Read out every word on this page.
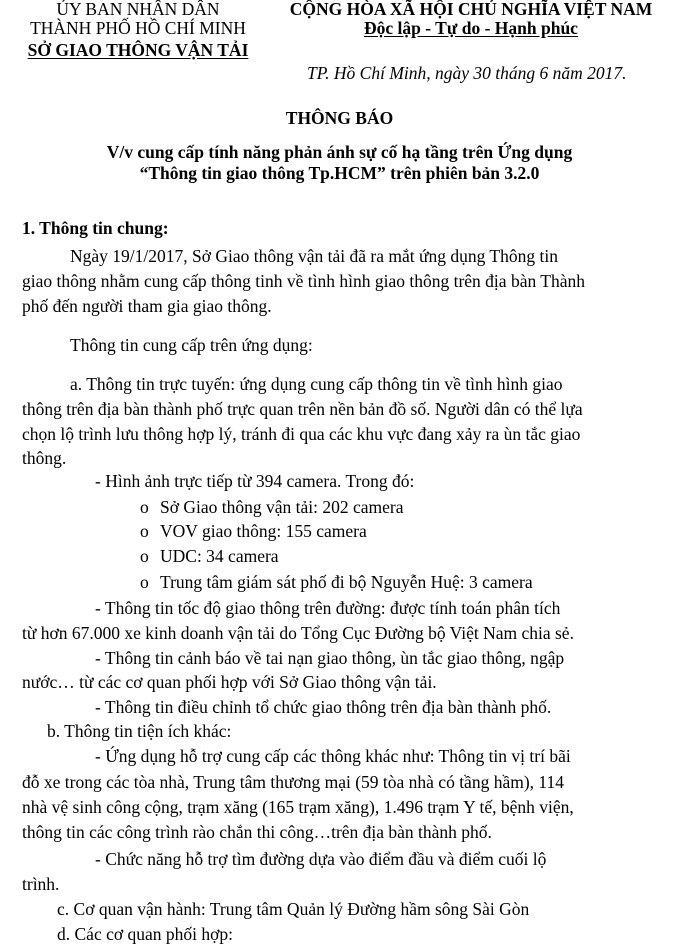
ỦY BAN NHÂN DÂN
THÀNH PHỐ HỒ CHÍ MINH
SỞ GIAO THÔNG VẬN TẢI
CỘNG HÒA XÃ HỘI CHỦ NGHĨA VIỆT NAM
Độc lập - Tự do - Hạnh phúc
TP. Hồ Chí Minh, ngày 30 tháng 6 năm 2017.
THÔNG BÁO
V/v cung cấp tính năng phản ánh sự cố hạ tầng trên Ứng dụng
“Thông tin giao thông Tp.HCM” trên phiên bản 3.2.0
1. Thông tin chung:
Ngày 19/1/2017, Sở Giao thông vận tải đã ra mắt ứng dụng Thông tin
giao thông nhằm cung cấp thông tinh về tình hình giao thông trên địa bàn Thành
phố đến người tham gia giao thông.
Thông tin cung cấp trên ứng dụng:
a. Thông tin trực tuyến: ứng dụng cung cấp thông tin về tình hình giao
thông trên địa bàn thành phố trực quan trên nền bản đồ số. Người dân có thể lựa
chọn lộ trình lưu thông hợp lý, tránh đi qua các khu vực đang xảy ra ùn tắc giao
thông.
- Hình ảnh trực tiếp từ 394 camera. Trong đó:
o Sở Giao thông vận tải: 202 camera
o VOV giao thông: 155 camera
o UDC: 34 camera
o Trung tâm giám sát phố đi bộ Nguyễn Huệ: 3 camera
- Thông tin tốc độ giao thông trên đường: được tính toán phân tích
từ hơn 67.000 xe kinh doanh vận tải do Tổng Cục Đường bộ Việt Nam chia sẻ.
- Thông tin cảnh báo về tai nạn giao thông, ùn tắc giao thông, ngập
nước… từ các cơ quan phối hợp với Sở Giao thông vận tải.
- Thông tin điều chỉnh tổ chức giao thông trên địa bàn thành phố.
b. Thông tin tiện ích khác:
- Ứng dụng hỗ trợ cung cấp các thông khác như: Thông tin vị trí bãi
đỗ xe trong các tòa nhà, Trung tâm thương mại (59 tòa nhà có tầng hầm), 114
nhà vệ sinh công cộng, trạm xăng (165 trạm xăng), 1.496 trạm Y tế, bệnh viện,
thông tin các công trình rào chắn thi công…trên địa bàn thành phố.
- Chức năng hỗ trợ tìm đường dựa vào điểm đầu và điểm cuối lộ
trình.
c. Cơ quan vận hành: Trung tâm Quản lý Đường hầm sông Sài Gòn
d. Các cơ quan phối hợp:
